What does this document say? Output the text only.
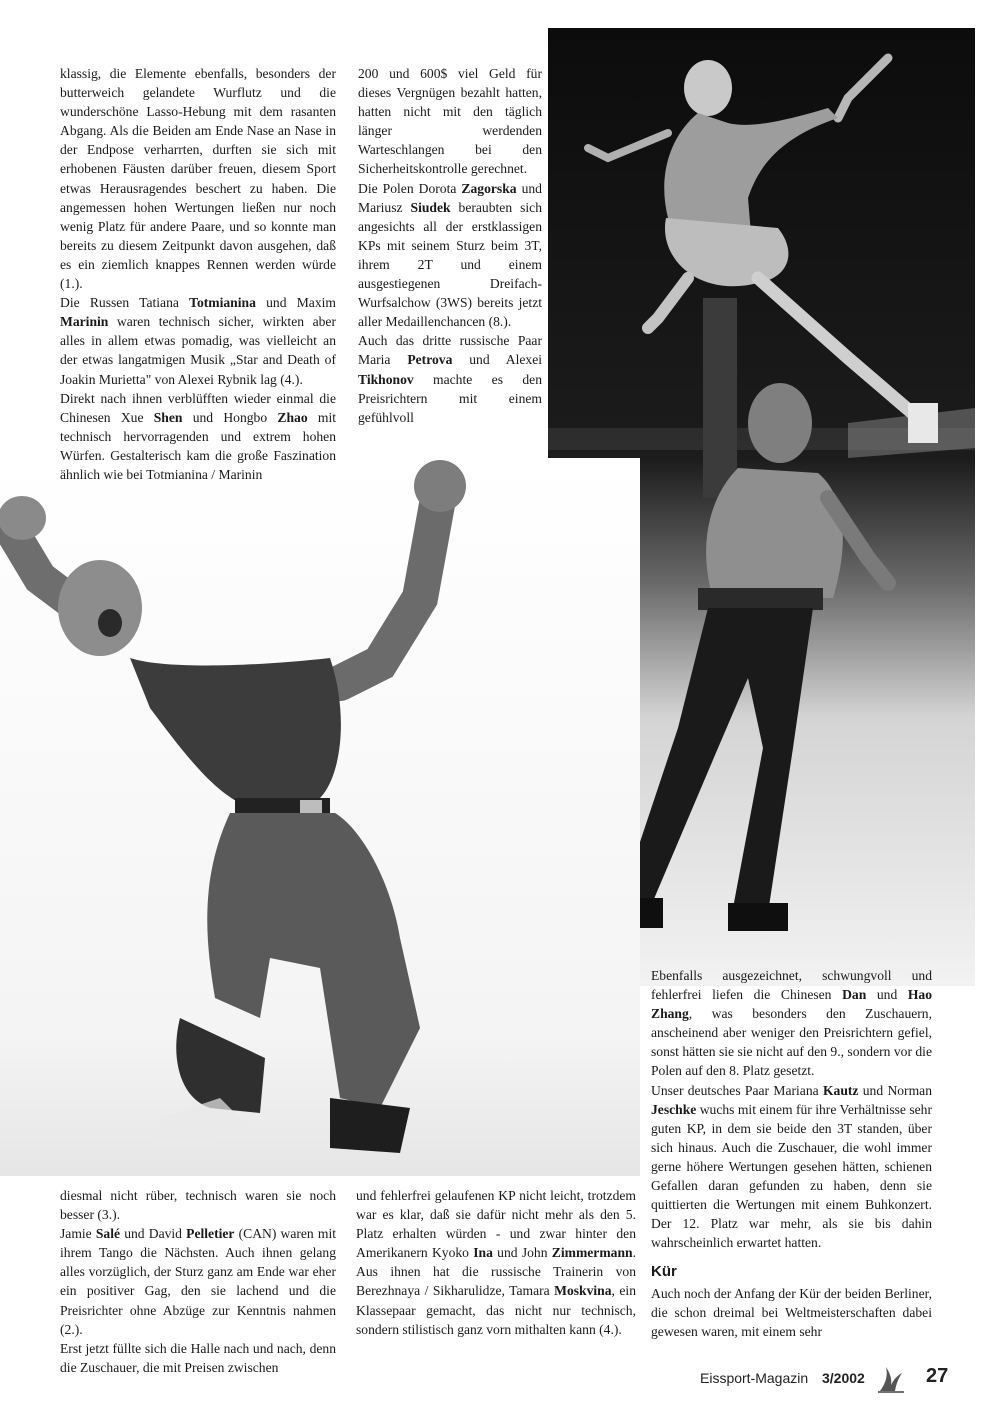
klassig, die Elemente ebenfalls, besonders der butterweich gelandete Wurflutz und die wunderschöne Lasso-Hebung mit dem rasanten Abgang. Als die Beiden am Ende Nase an Nase in der Endpose verharrten, durften sie sich mit erhobenen Fäusten darüber freuen, diesem Sport etwas Herausragendes beschert zu haben. Die angemessen hohen Wertungen ließen nur noch wenig Platz für andere Paare, und so konnte man bereits zu diesem Zeitpunkt davon ausgehen, daß es ein ziemlich knappes Rennen werden würde (1.).

Die Russen Tatiana Totmianina und Maxim Marinin waren technisch sicher, wirkten aber alles in allem etwas pomadig, was vielleicht an der etwas langatmigen Musik „Star and Death of Joakin Murietta" von Alexei Rybnik lag (4.).

Direkt nach ihnen verblüfften wieder einmal die Chinesen Xue Shen und Hongbo Zhao mit technisch hervorragenden und extrem hohen Würfen. Gestalterisch kam die große Faszination ähnlich wie bei Totmianina / Marinin

200 und 600$ viel Geld für dieses Vergnügen bezahlt hatten, hatten nicht mit den täglich länger werdenden Warteschlangen bei den Sicherheitskontrolle gerechnet.

Die Polen Dorota Zagorska und Mariusz Siudek beraubten sich angesichts all der erstklassigen KPs mit seinem Sturz beim 3T, ihrem 2T und einem ausgestiegenen Dreifach-Wurfsalchow (3WS) bereits jetzt aller Medaillenchancen (8.).

Auch das dritte russische Paar Maria Petrova und Alexei Tikhonov machte es den Preisrichtern mit einem gefühlvoll

Ebenfalls ausgezeichnet, schwungvoll und fehlerfrei liefen die Chinesen Dan und Hao Zhang, was besonders den Zuschauern, anscheinend aber weniger den Preisrichtern gefiel, sonst hätten sie sie nicht auf den 9., sondern vor die Polen auf den 8. Platz gesetzt.

Unser deutsches Paar Mariana Kautz und Norman Jeschke wuchs mit einem für ihre Verhältnisse sehr guten KP, in dem sie beide den 3T standen, über sich hinaus. Auch die Zuschauer, die wohl immer gerne höhere Wertungen gesehen hätten, schienen Gefallen daran gefunden zu haben, denn sie quittierten die Wertungen mit einem Buhkonzert. Der 12. Platz war mehr, als sie bis dahin wahrscheinlich erwartet hatten.

Kür

Auch noch der Anfang der Kür der beiden Berliner, die schon dreimal bei Weltmeisterschaften dabei gewesen waren, mit einem sehr

diesmal nicht rüber, technisch waren sie noch besser (3.).

Jamie Salé und David Pelletier (CAN) waren mit ihrem Tango die Nächsten. Auch ihnen gelang alles vorzüglich, der Sturz ganz am Ende war eher ein positiver Gag, den sie lachend und die Preisrichter ohne Abzüge zur Kenntnis nahmen (2.).

Erst jetzt füllte sich die Halle nach und nach, denn die Zuschauer, die mit Preisen zwischen

und fehlerfrei gelaufenen KP nicht leicht, trotzdem war es klar, daß sie dafür nicht mehr als den 5. Platz erhalten würden - und zwar hinter den Amerikanern Kyoko Ina und John Zimmermann. Aus ihnen hat die russische Trainerin von Berezhnaya / Sikharulidze, Tamara Moskvina, ein Klassepaar gemacht, das nicht nur technisch, sondern stilistisch ganz vorn mithalten kann (4.).

Eissport-Magazin 3/2002	27
